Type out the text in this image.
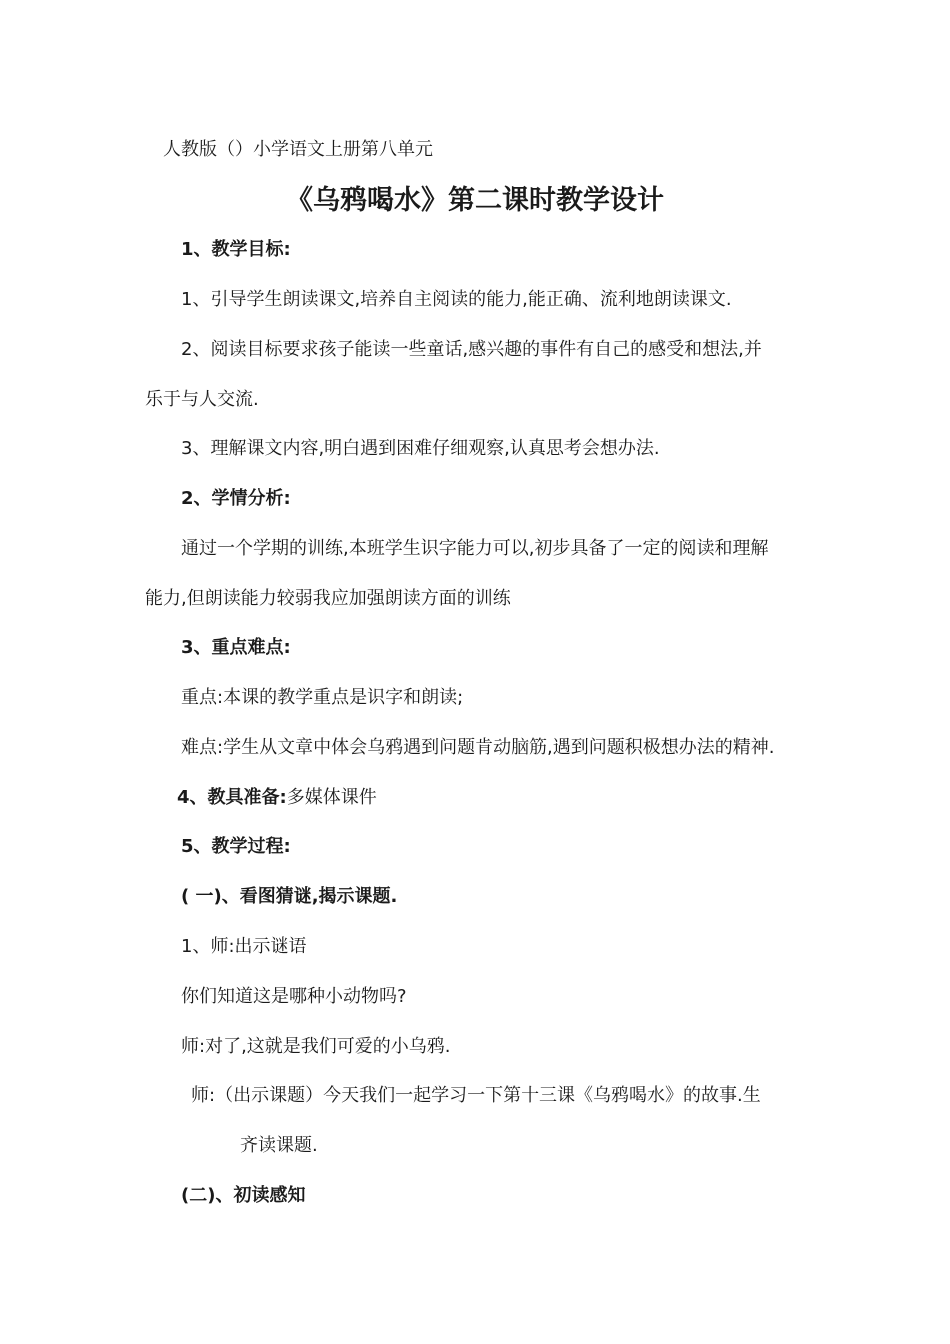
人教版（）小学语文上册第八单元
《乌鸦喝水》第二课时教学设计
1、教学目标:
1、引导学生朗读课文,培养自主阅读的能力,能正确、流利地朗读课文.
2、阅读目标要求孩子能读一些童话,感兴趣的事件有自己的感受和想法,并
乐于与人交流.
3、理解课文内容,明白遇到困难仔细观察,认真思考会想办法.
2、学情分析:
通过一个学期的训练,本班学生识字能力可以,初步具备了一定的阅读和理解
能力,但朗读能力较弱我应加强朗读方面的训练
3、重点难点:
重点:本课的教学重点是识字和朗读;
难点:学生从文章中体会乌鸦遇到问题肯动脑筋,遇到问题积极想办法的精神.
4、教具准备:多媒体课件
5、教学过程:
( 一)、看图猜谜,揭示课题.
1、师:出示谜语
你们知道这是哪种小动物吗?
师:对了,这就是我们可爱的小乌鸦.
师:（出示课题）今天我们一起学习一下第十三课《乌鸦喝水》的故事.生
齐读课题.
(二)、初读感知
